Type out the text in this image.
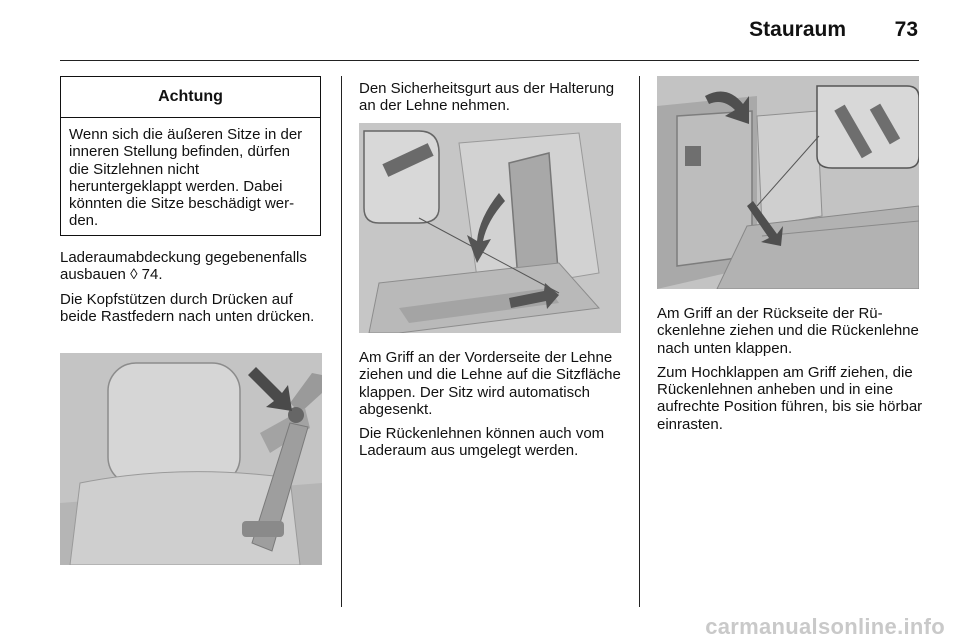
Stauraum	73
Achtung
Wenn sich die äußeren Sitze in der inneren Stellung befinden, dürfen die Sitzlehnen nicht heruntergeklappt werden. Dabei könnten die Sitze beschädigt werden.

Laderaumabdeckung gegebenenfalls ausbauen ◊ 74.

Die Kopfstützen durch Drücken auf beide Rastfedern nach unten drücken.

Den Sicherheitsgurt aus der Halterung an der Lehne nehmen.

Am Griff an der Vorderseite der Lehne ziehen und die Lehne auf die Sitzfläche klappen. Der Sitz wird automatisch abgesenkt.

Die Rückenlehnen können auch vom Laderaum aus umgelegt werden.

Am Griff an der Rückseite der Rückenlehne ziehen und die Rückenlehne nach unten klappen.

Zum Hochklappen am Griff ziehen, die Rückenlehnen anheben und in eine aufrechte Position führen, bis sie hörbar einrasten.

carmanualsonline.info
